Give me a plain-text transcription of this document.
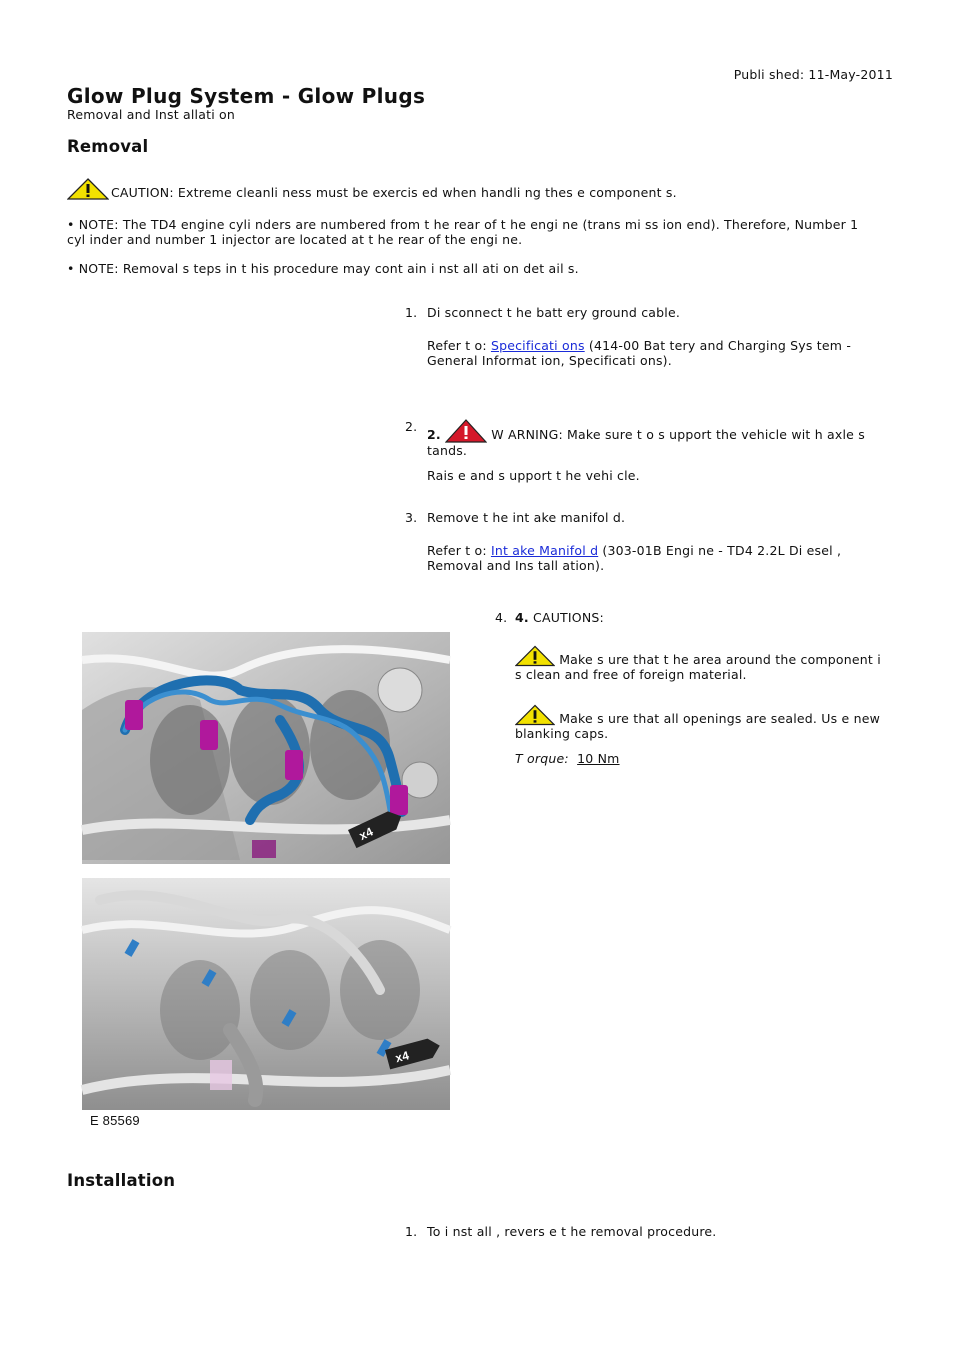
Publi shed: 11-May-2011
Glow Plug System - Glow Plugs
Removal and Inst allati on
Removal
CAUTION: Extreme cleanli ness must be exercis ed when handli ng thes e component s.
• NOTE: The TD4 engine cyli nders are numbered from t he rear of t he engi ne (trans mi ss ion end). Therefore, Number 1 cyl inder and number 1 injector are located at t he rear of the engi ne.
• NOTE: Removal s teps in t his procedure may cont ain i nst all ati on det ail s.
1. Di sconnect t he batt ery ground cable.

Refer t o: Specificati ons (414-00 Bat tery and Charging Sys tem - General Informat ion, Specificati ons).

2.

2.	W ARNING: Make sure t o s upport the vehicle wit h axle s tands.

Rais e and s upport t he vehi cle.

3. Remove t he int ake manifol d.

Refer t o: Int ake Manifol d (303-01B Engi ne - TD4 2.2L Di esel , Removal and Ins tall ation).

4. 4. CAUTIONS:

Make s ure that t he area around the component i s clean and free of foreign material.

Make s ure that all openings are sealed. Us e new blanking caps.

T orque: 10 Nm

x4
x4
E 85569
Installation
1. To i nst all , revers e t he removal procedure.
